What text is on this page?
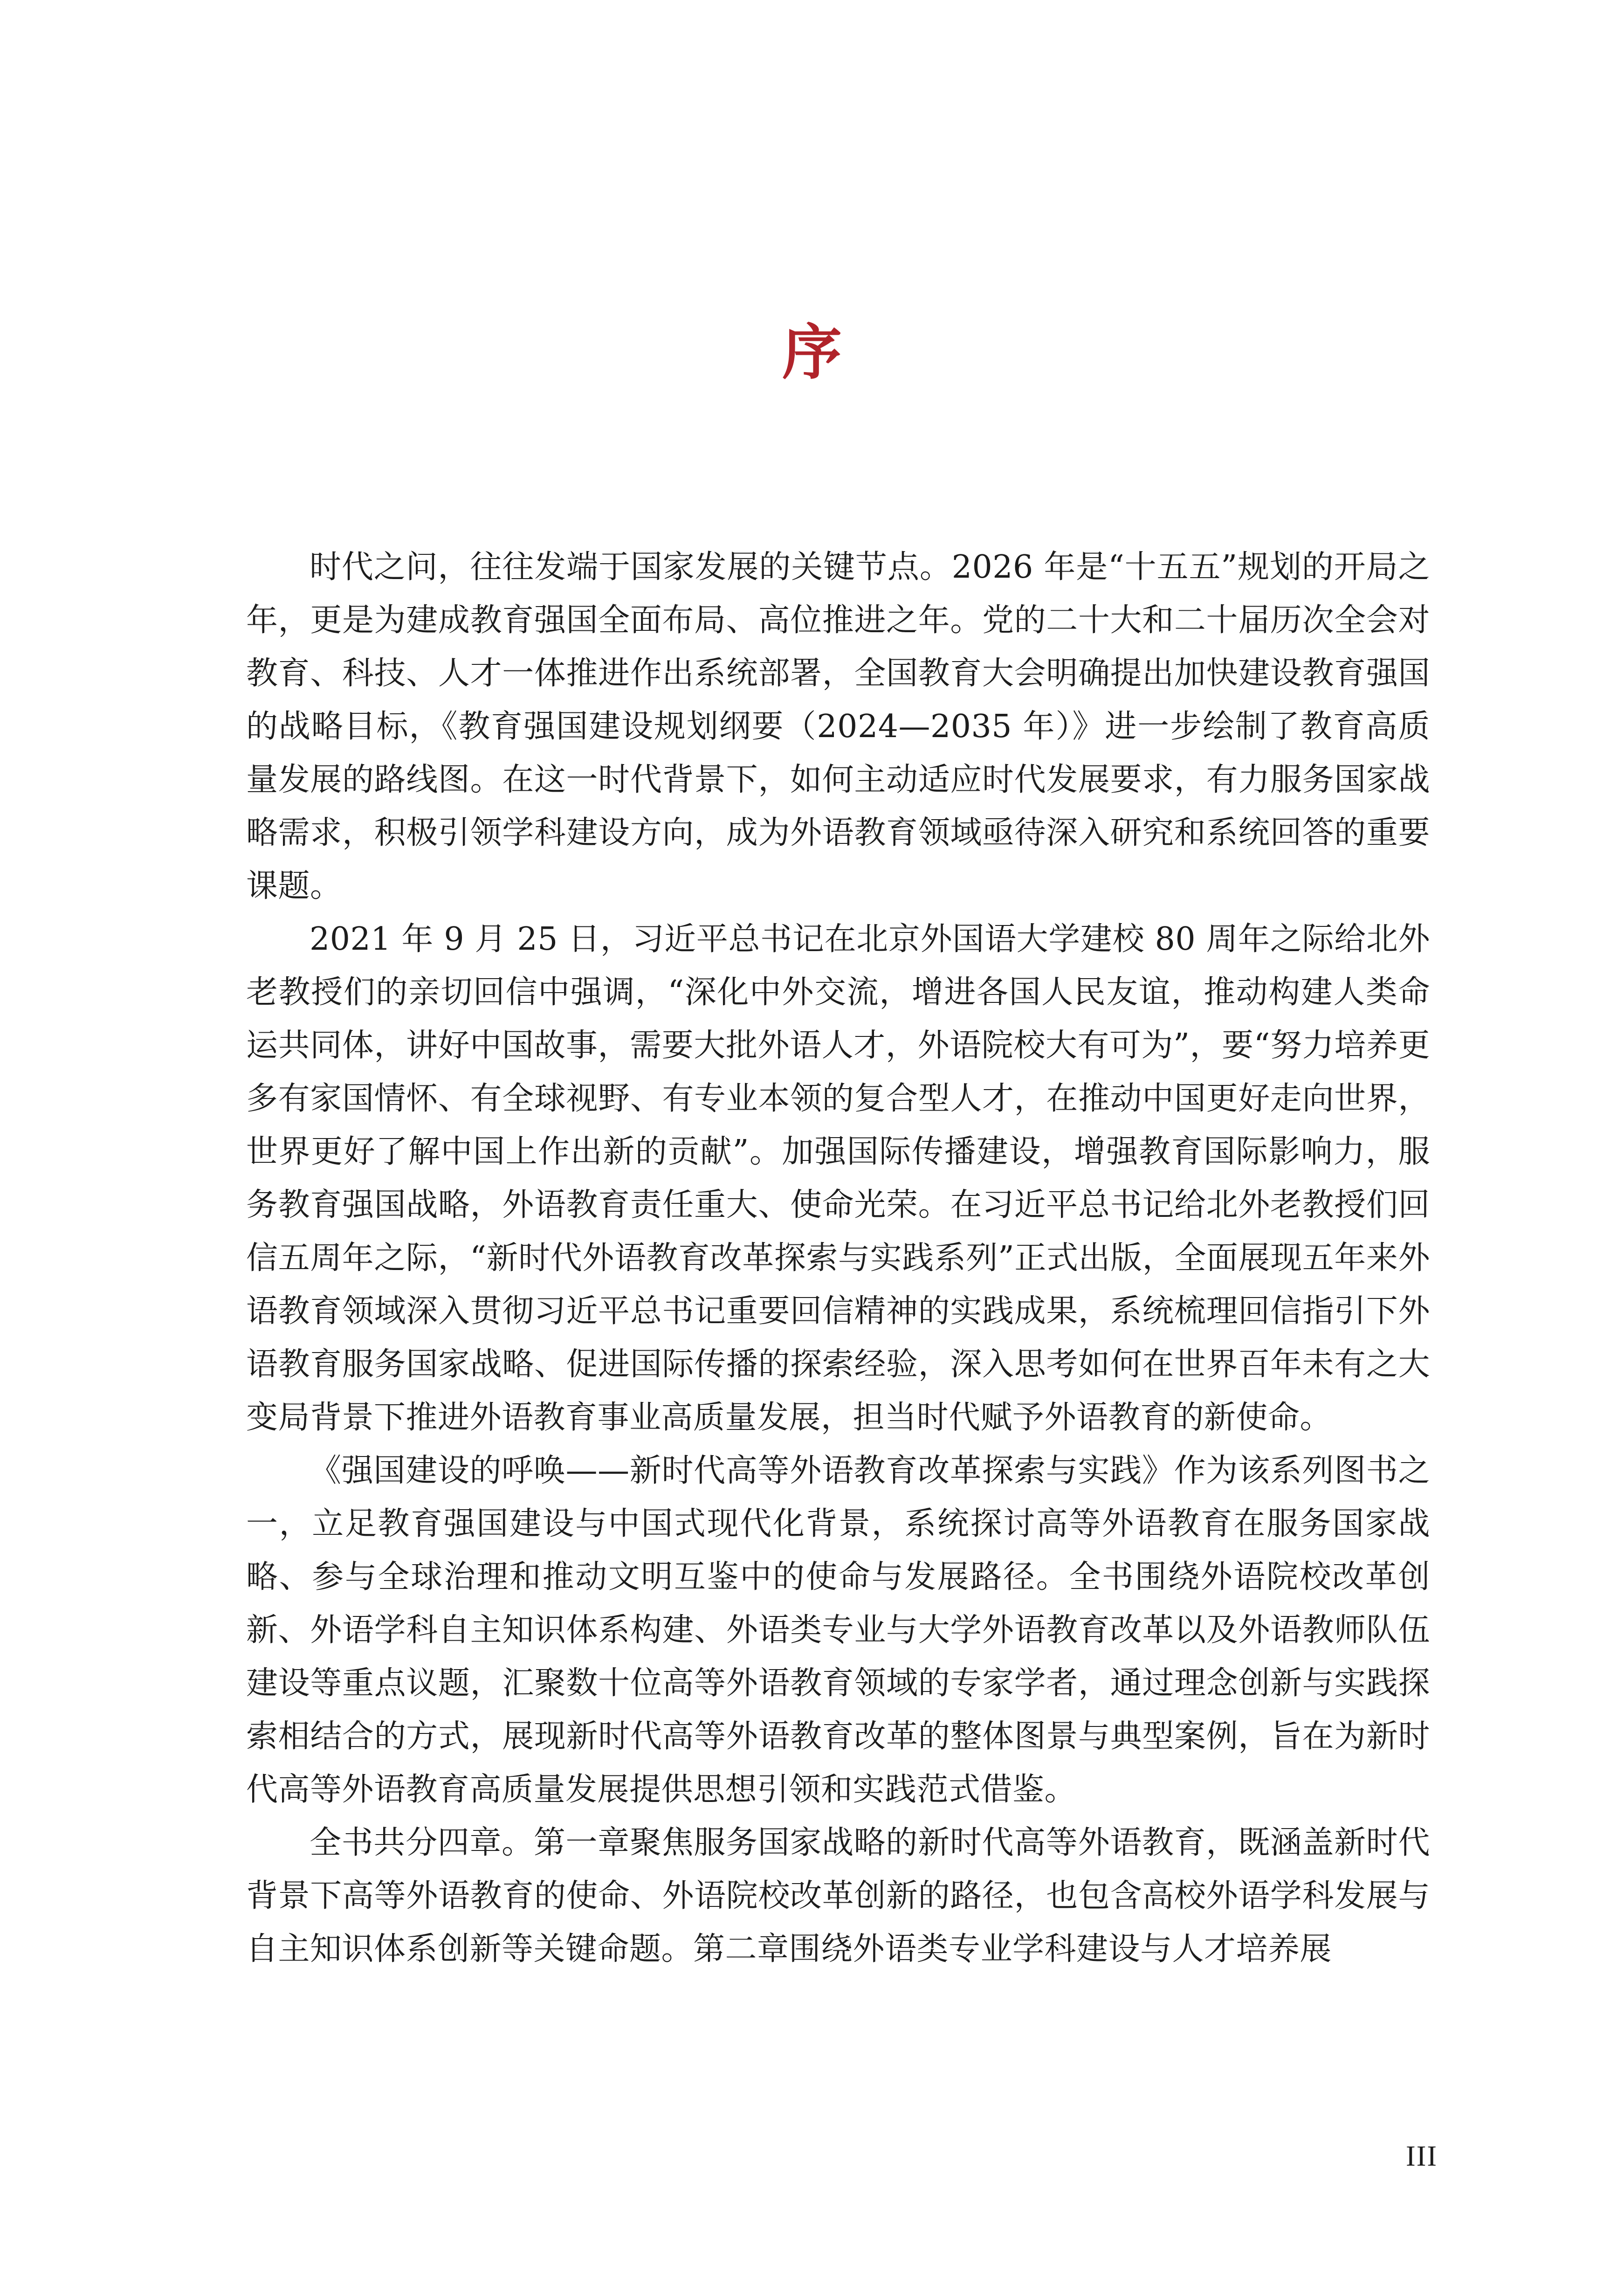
序

时代之问，往往发端于国家发展的关键节点。2026 年是“十五五”规划的开局之年，更是为建成教育强国全面布局、高位推进之年。党的二十大和二十届历次全会对教育、科技、人才一体推进作出系统部署，全国教育大会明确提出加快建设教育强国的战略目标，《教育强国建设规划纲要（2024—2035 年）》进一步绘制了教育高质量发展的路线图。在这一时代背景下，如何主动适应时代发展要求，有力服务国家战略需求，积极引领学科建设方向，成为外语教育领域亟待深入研究和系统回答的重要课题。

2021 年 9 月 25 日，习近平总书记在北京外国语大学建校 80 周年之际给北外老教授们的亲切回信中强调，“深化中外交流，增进各国人民友谊，推动构建人类命运共同体，讲好中国故事，需要大批外语人才，外语院校大有可为”，要“努力培养更多有家国情怀、有全球视野、有专业本领的复合型人才，在推动中国更好走向世界，世界更好了解中国上作出新的贡献”。加强国际传播建设，增强教育国际影响力，服务教育强国战略，外语教育责任重大、使命光荣。在习近平总书记给北外老教授们回信五周年之际，“新时代外语教育改革探索与实践系列”正式出版，全面展现五年来外语教育领域深入贯彻习近平总书记重要回信精神的实践成果，系统梳理回信指引下外语教育服务国家战略、促进国际传播的探索经验，深入思考如何在世界百年未有之大变局背景下推进外语教育事业高质量发展，担当时代赋予外语教育的新使命。

《强国建设的呼唤——新时代高等外语教育改革探索与实践》作为该系列图书之一，立足教育强国建设与中国式现代化背景，系统探讨高等外语教育在服务国家战略、参与全球治理和推动文明互鉴中的使命与发展路径。全书围绕外语院校改革创新、外语学科自主知识体系构建、外语类专业与大学外语教育改革以及外语教师队伍建设等重点议题，汇聚数十位高等外语教育领域的专家学者，通过理念创新与实践探索相结合的方式，展现新时代高等外语教育改革的整体图景与典型案例，旨在为新时代高等外语教育高质量发展提供思想引领和实践范式借鉴。

全书共分四章。第一章聚焦服务国家战略的新时代高等外语教育，既涵盖新时代背景下高等外语教育的使命、外语院校改革创新的路径，也包含高校外语学科发展与自主知识体系创新等关键命题。第二章围绕外语类专业学科建设与人才培养展

III
